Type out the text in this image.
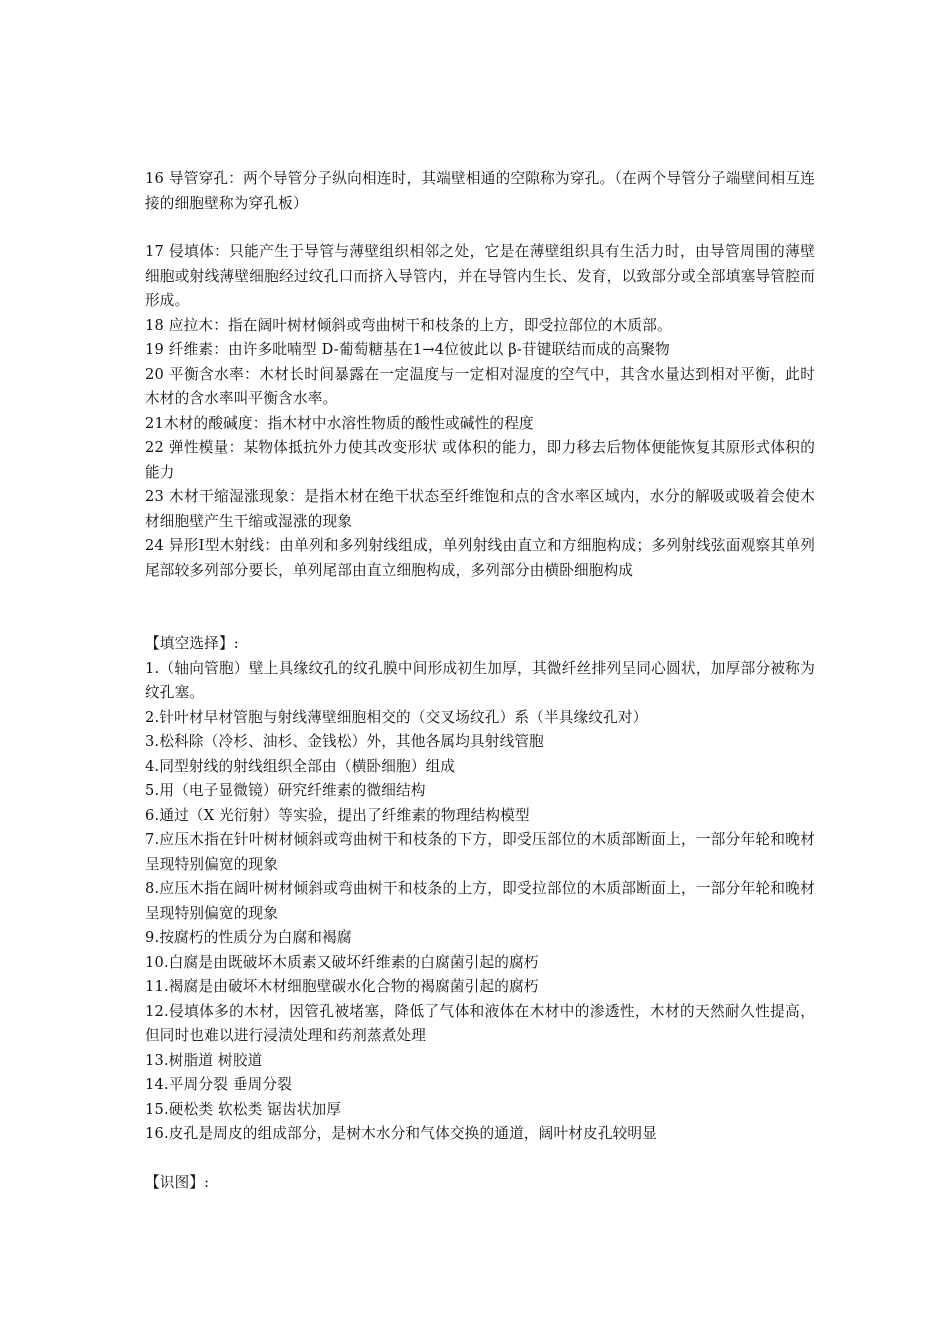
16 导管穿孔：两个导管分子纵向相连时，其端壁相通的空隙称为穿孔。（在两个导管分子端壁间相互连接的细胞壁称为穿孔板）

17 侵填体：只能产生于导管与薄壁组织相邻之处，它是在薄壁组织具有生活力时，由导管周围的薄壁细胞或射线薄壁细胞经过纹孔口而挤入导管内，并在导管内生长、发育，以致部分或全部填塞导管腔而形成。

18 应拉木：指在阔叶树材倾斜或弯曲树干和枝条的上方，即受拉部位的木质部。

19 纤维素：由许多吡喃型 D-葡萄糖基在1→4位彼此以 β-苷键联结而成的高聚物

20 平衡含水率：木材长时间暴露在一定温度与一定相对湿度的空气中，其含水量达到相对平衡，此时木材的含水率叫平衡含水率。

21木材的酸碱度：指木材中水溶性物质的酸性或碱性的程度

22 弹性模量：某物体抵抗外力使其改变形状 或体积的能力，即力移去后物体便能恢复其原形式体积的能力

23 木材干缩湿涨现象：是指木材在绝干状态至纤维饱和点的含水率区域内，水分的解吸或吸着会使木材细胞壁产生干缩或湿涨的现象

24 异形Ⅰ型木射线：由单列和多列射线组成，单列射线由直立和方细胞构成；多列射线弦面观察其单列尾部较多列部分要长，单列尾部由直立细胞构成，多列部分由横卧细胞构成

【填空选择】:

1.（轴向管胞）壁上具缘纹孔的纹孔膜中间形成初生加厚，其微纤丝排列呈同心圆状，加厚部分被称为纹孔塞。

2.针叶材早材管胞与射线薄壁细胞相交的（交叉场纹孔）系（半具缘纹孔对）

3.松科除（冷杉、油杉、金钱松）外，其他各属均具射线管胞

4.同型射线的射线组织全部由（横卧细胞）组成

5.用（电子显微镜）研究纤维素的微细结构

6.通过（X 光衍射）等实验，提出了纤维素的物理结构模型

7.应压木指在针叶树材倾斜或弯曲树干和枝条的下方，即受压部位的木质部断面上，一部分年轮和晚材呈现特别偏宽的现象

8.应压木指在阔叶树材倾斜或弯曲树干和枝条的上方，即受拉部位的木质部断面上，一部分年轮和晚材呈现特别偏宽的现象

9.按腐朽的性质分为白腐和褐腐

10.白腐是由既破坏木质素又破坏纤维素的白腐菌引起的腐朽

11.褐腐是由破坏木材细胞壁碳水化合物的褐腐菌引起的腐朽

12.侵填体多的木材，因管孔被堵塞，降低了气体和液体在木材中的渗透性，木材的天然耐久性提高，但同时也难以进行浸渍处理和药剂蒸煮处理

13.树脂道 树胶道

14.平周分裂 垂周分裂

15.硬松类 软松类 锯齿状加厚

16.皮孔是周皮的组成部分，是树木水分和气体交换的通道，阔叶材皮孔较明显

【识图】:
